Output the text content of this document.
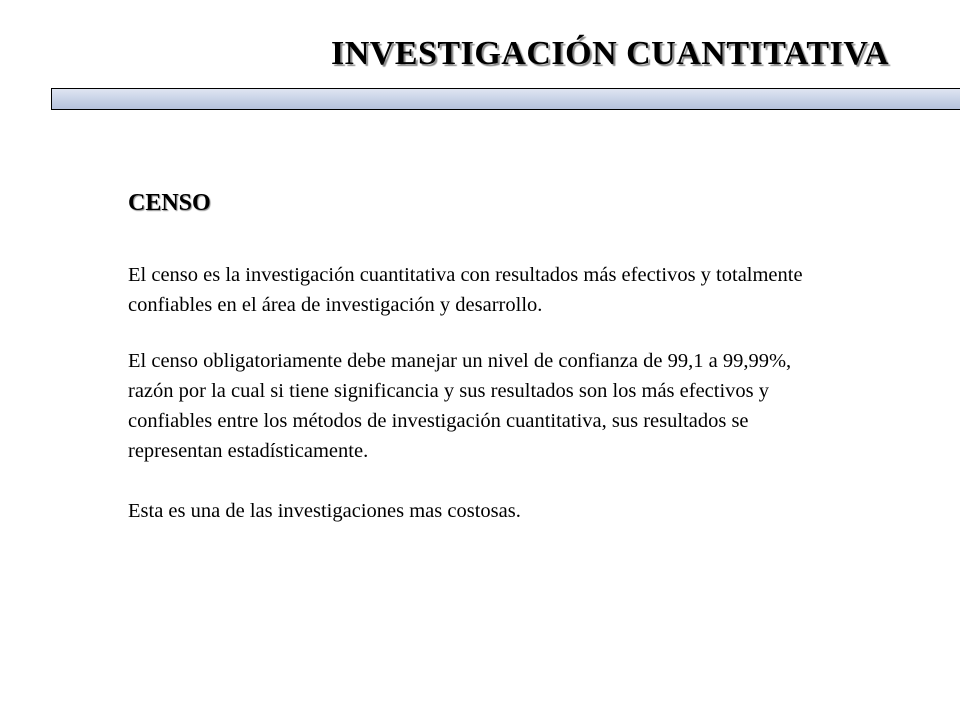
INVESTIGACIÓN CUANTITATIVA
CENSO

El censo es la investigación cuantitativa con resultados más efectivos y totalmente confiables en el área de investigación y desarrollo.

El censo obligatoriamente debe manejar un nivel de confianza de 99,1 a 99,99%, razón por la cual si tiene significancia y sus resultados son los más efectivos y confiables entre los métodos de investigación cuantitativa, sus resultados se representan estadísticamente.

Esta es una de las investigaciones mas costosas.
